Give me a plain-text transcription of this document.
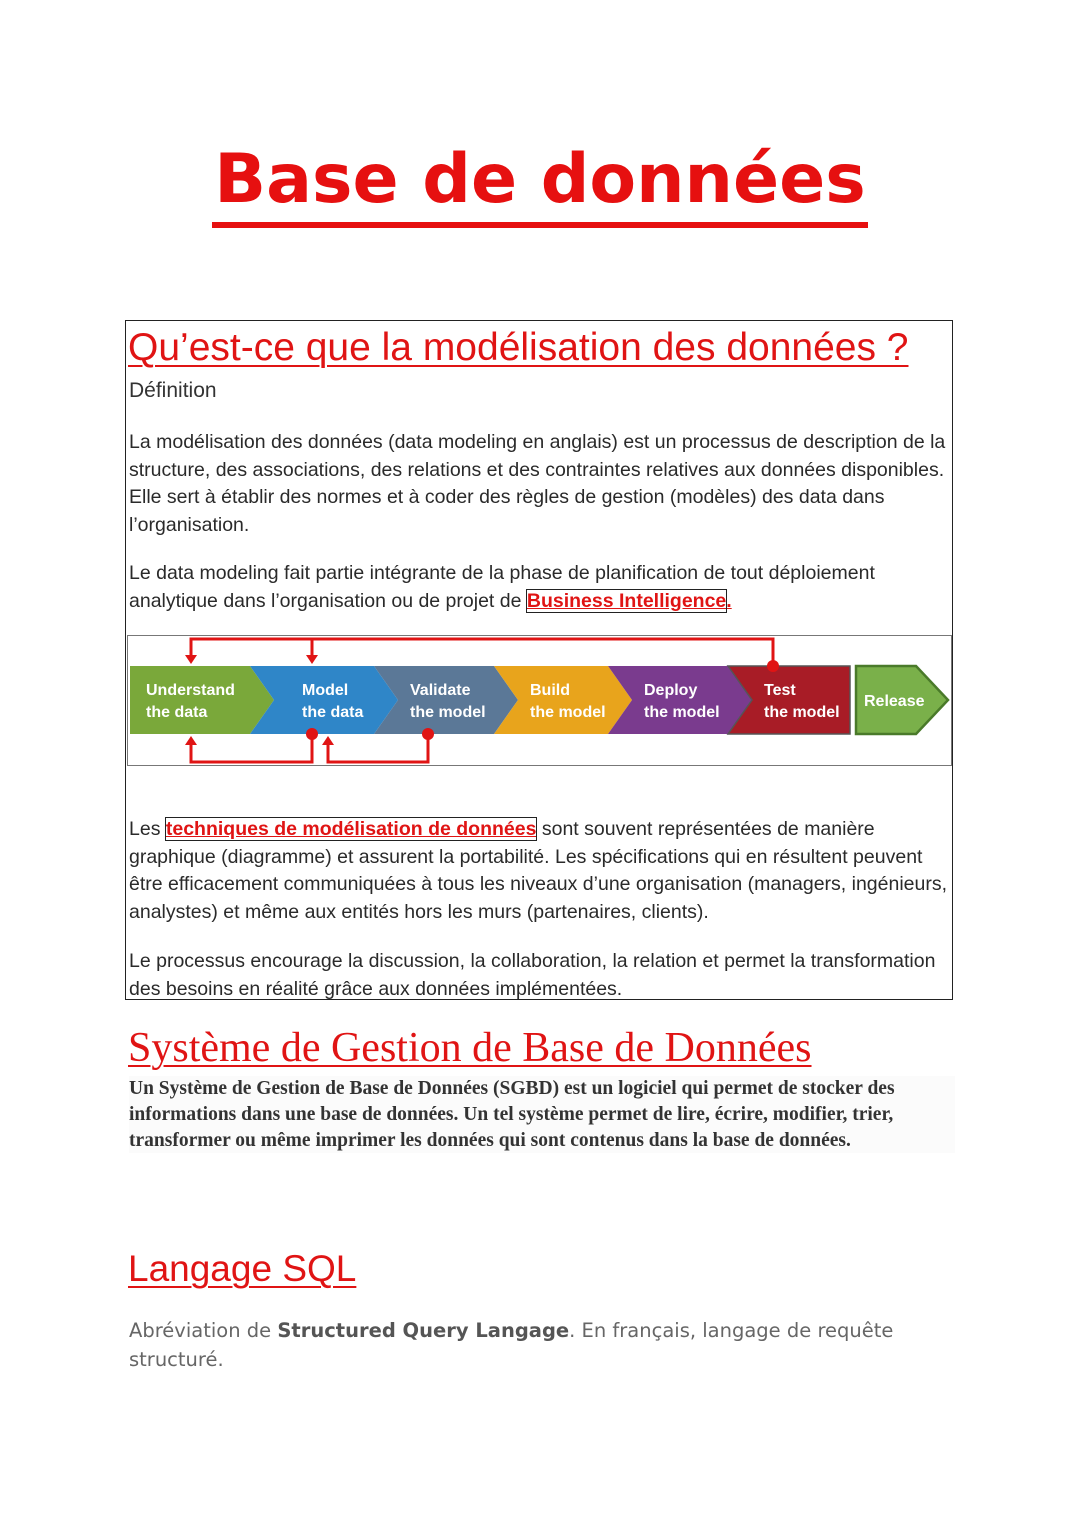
Base de données
Qu’est-ce que la modélisation des données ?
Définition

La modélisation des données (data modeling en anglais) est un processus de description de la structure, des associations, des relations et des contraintes relatives aux données disponibles. Elle sert à établir des normes et à coder des règles de gestion (modèles) des data dans l’organisation.

Le data modeling fait partie intégrante de la phase de planification de tout déploiement analytique dans l’organisation ou de projet de Business Intelligence.

Understand
the data
Model
the data
Validate
the model
Build
the model
Deploy
the model
Test
the model
Release

Les techniques de modélisation de données sont souvent représentées de manière graphique (diagramme) et assurent la portabilité. Les spécifications qui en résultent peuvent être efficacement communiquées à tous les niveaux d’une organisation (managers, ingénieurs, analystes) et même aux entités hors les murs (partenaires, clients).

Le processus encourage la discussion, la collaboration, la relation et permet la transformation des besoins en réalité grâce aux données implémentées.

Système de Gestion de Base de Données

Un Système de Gestion de Base de Données (SGBD) est un logiciel qui permet de stocker des informations dans une base de données. Un tel système permet de lire, écrire, modifier, trier, transformer ou même imprimer les données qui sont contenus dans la base de données.

Langage SQL

Abréviation de Structured Query Langage. En français, langage de requête structuré.
